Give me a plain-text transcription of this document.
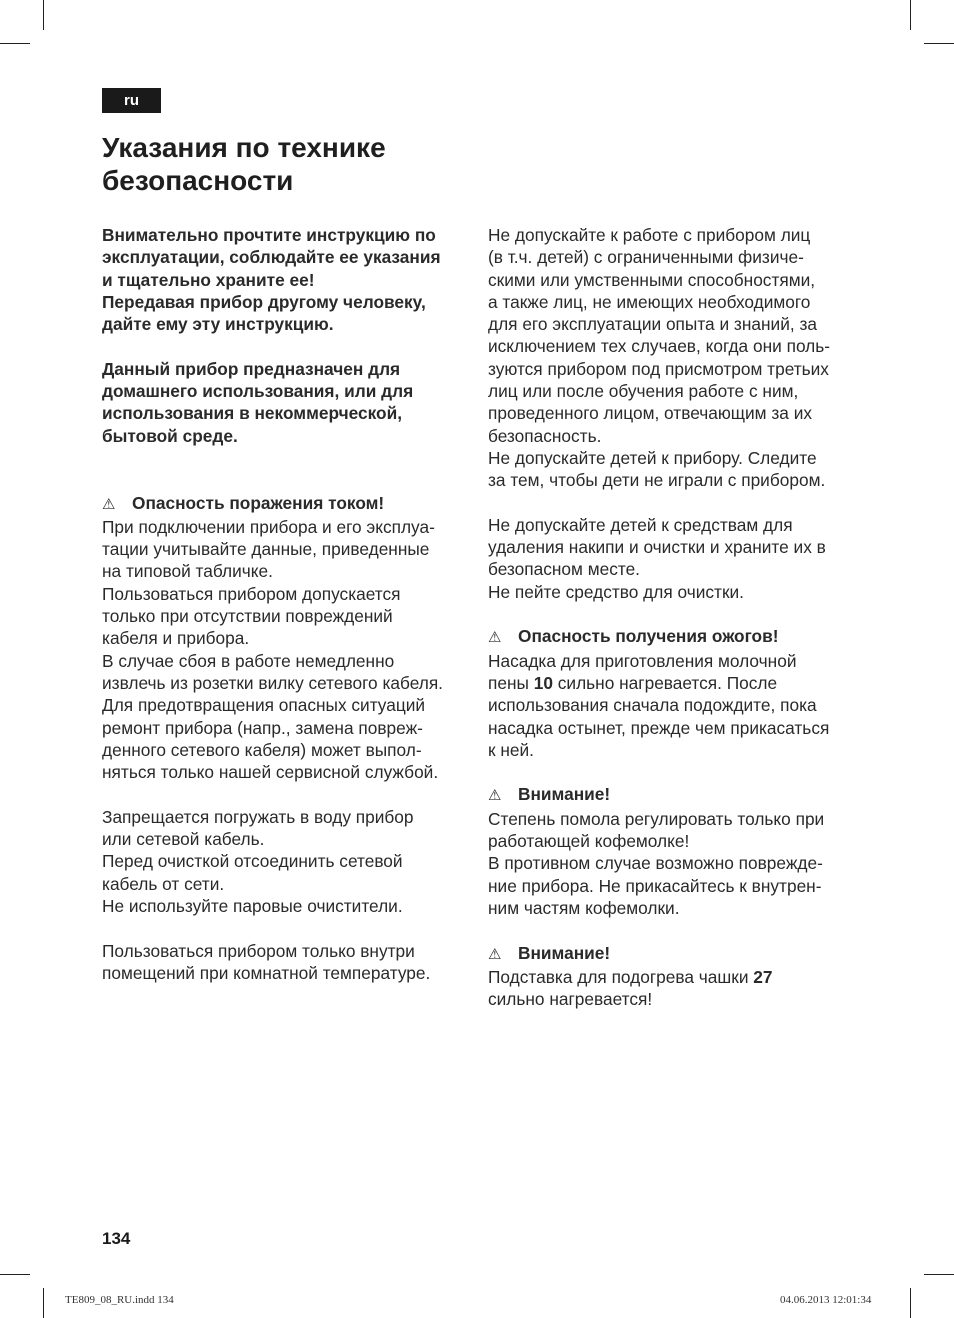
ru
Указания по технике
безопасности

Внимательно прочтите инструкцию по

эксплуатации, соблюдайте ее указания

и тщательно храните ее!

Передавая прибор другому человеку,

дайте ему эту инструкцию.

Данный прибор предназначен для

домашнего использования, или для

использования в некоммерческой,

бытовой среде.

⚠ Опасность поражения током!

При подключении прибора и его эксплуа-

тации учитывайте данные, приведенные

на типовой табличке.

Пользоваться прибором допускается

только при отсутствии повреждений

кабеля и прибора.

В случае сбоя в работе немедленно

извлечь из розетки вилку сетевого кабеля.

Для предотвращения опасных ситуаций

ремонт прибора (напр., замена повреж-

денного сетевого кабеля) может выпол-

няться только нашей сервисной службой.

Запрещается погружать в воду прибор

или сетевой кабель.

Перед очисткой отсоединить сетевой

кабель от сети.

Не используйте паровые очистители.

Пользоваться прибором только внутри

помещений при комнатной температуре.

Не допускайте к работе с прибором лиц

(в т.ч. детей) с ограниченными физиче-

скими или умственными способностями,

а также лиц, не имеющих необходимого

для его эксплуатации опыта и знаний, за

исключением тех случаев, когда они поль-

зуются прибором под присмотром третьих

лиц или после обучения работе с ним,

проведенного лицом, отвечающим за их

безопасность.

Не допускайте детей к прибору. Следите

за тем, чтобы дети не играли с прибором.

Не допускайте детей к средствам для

удаления накипи и очистки и храните их в

безопасном месте.

Не пейте средство для очистки.

⚠ Опасность получения ожогов!

Насадка для приготовления молочной

пены 10 сильно нагревается. После

использования сначала подождите, пока

насадка остынет, прежде чем прикасаться

к ней.

⚠ Внимание!

Степень помола регулировать только при

работающей кофемолке!

В противном случае возможно поврежде-

ние прибора. Не прикасайтесь к внутрен-

ним частям кофемолки.

⚠ Внимание!

Подставка для подогрева чашки 27

сильно нагревается!

134
TE809_08_RU.indd 134	04.06.2013 12:01:34
